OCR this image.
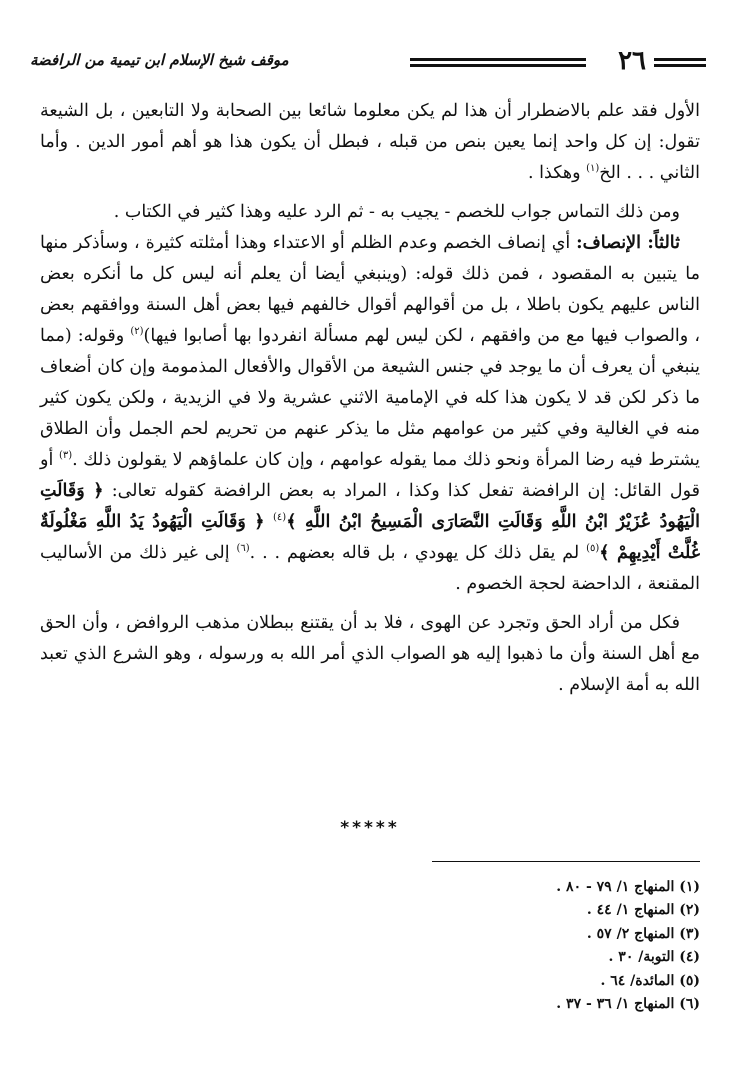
٢٦
موقف شيخ الإسلام ابن تيمية من الرافضة

الأول فقد علم بالاضطرار أن هذا لم يكن معلوما شائعا بين الصحابة ولا التابعين ، بل الشيعة تقول: إن كل واحد إنما يعين بنص من قبله ، فبطل أن يكون هذا هو أهم أمور الدين . وأما الثاني . . . الخ$^{(١)}$ وهكذا .

ومن ذلك التماس جواب للخصم - يجيب به - ثم الرد عليه وهذا كثير في الكتاب .

ثالثاً: الإنصاف: أي إنصاف الخصم وعدم الظلم أو الاعتداء وهذا أمثلته كثيرة ، وسأذكر منها ما يتبين به المقصود ، فمن ذلك قوله: (وينبغي أيضا أن يعلم أنه ليس كل ما أنكره بعض الناس عليهم يكون باطلا ، بل من أقوالهم أقوال خالفهم فيها بعض أهل السنة ووافقهم بعض ، والصواب فيها مع من وافقهم ، لكن ليس لهم مسألة انفردوا بها أصابوا فيها)$^{(٢)}$ وقوله: (مما ينبغي أن يعرف أن ما يوجد في جنس الشيعة من الأقوال والأفعال المذمومة وإن كان أضعاف ما ذكر لكن قد لا يكون هذا كله في الإمامية الاثني عشرية ولا في الزيدية ، ولكن يكون كثير منه في الغالية وفي كثير من عوامهم مثل ما يذكر عنهم من تحريم لحم الجمل وأن الطلاق يشترط فيه رضا المرأة ونحو ذلك مما يقوله عوامهم ، وإن كان علماؤهم لا يقولون ذلك .$^{(٣)}$ أو قول القائل: إن الرافضة تفعل كذا وكذا ، المراد به بعض الرافضة كقوله تعالى: ﴿ وَقَالَتِ الْيَهُودُ عُزَيْرٌ ابْنُ اللَّهِ وَقَالَتِ النَّصَارَى الْمَسِيحُ ابْنُ اللَّهِ ﴾$^{(٤)}$ ﴿ وَقَالَتِ الْيَهُودُ يَدُ اللَّهِ مَغْلُولَةٌ غُلَّتْ أَيْدِيهِمْ ﴾$^{(٥)}$ لم يقل ذلك كل يهودي ، بل قاله بعضهم . . .$^{(٦)}$ إلى غير ذلك من الأساليب المقنعة ، الداحضة لحجة الخصوم .

فكل من أراد الحق وتجرد عن الهوى ، فلا بد أن يقتنع ببطلان مذهب الروافض ، وأن الحق مع أهل السنة وأن ما ذهبوا إليه هو الصواب الذي أمر الله به ورسوله ، وهو الشرع الذي تعبد الله به أمة الإسلام .

*****
(١) المنهاج ١/ ٧٩ - ٨٠ .
(٢) المنهاج ١/ ٤٤ .
(٣) المنهاج ٢/ ٥٧ .
(٤) التوبة/ ٣٠ .
(٥) المائدة/ ٦٤ .
(٦) المنهاج ١/ ٣٦ - ٣٧ .
